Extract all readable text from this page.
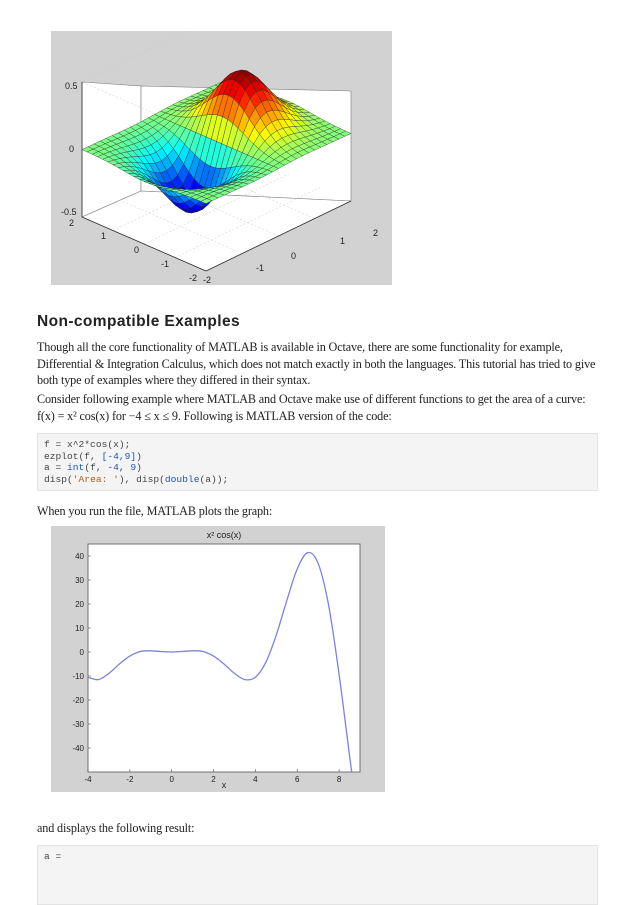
0.5
0
-0.5
2
1
0
-1
-2 -2
-1
0
1
2
Non-compatible Examples

Though all the core functionality of MATLAB is available in Octave, there are some functionality for example, Differential & Integration Calculus, which does not match exactly in both the languages. This tutorial has tried to give both type of examples where they differed in their syntax.

Consider following example where MATLAB and Octave make use of different functions to get the area of a curve: f(x) = x² cos(x) for −4 ≤ x ≤ 9. Following is MATLAB version of the code:

f = x^2*cos(x);
ezplot(f, [-4,9])
a = int(f, -4, 9)
disp('Area: '), disp(double(a));

When you run the file, MATLAB plots the graph:

x² cos(x)
x
-4	-2	0	2	4	6	8
40
30
20
10
0
-10
-20
-30
-40

and displays the following result:

a =
